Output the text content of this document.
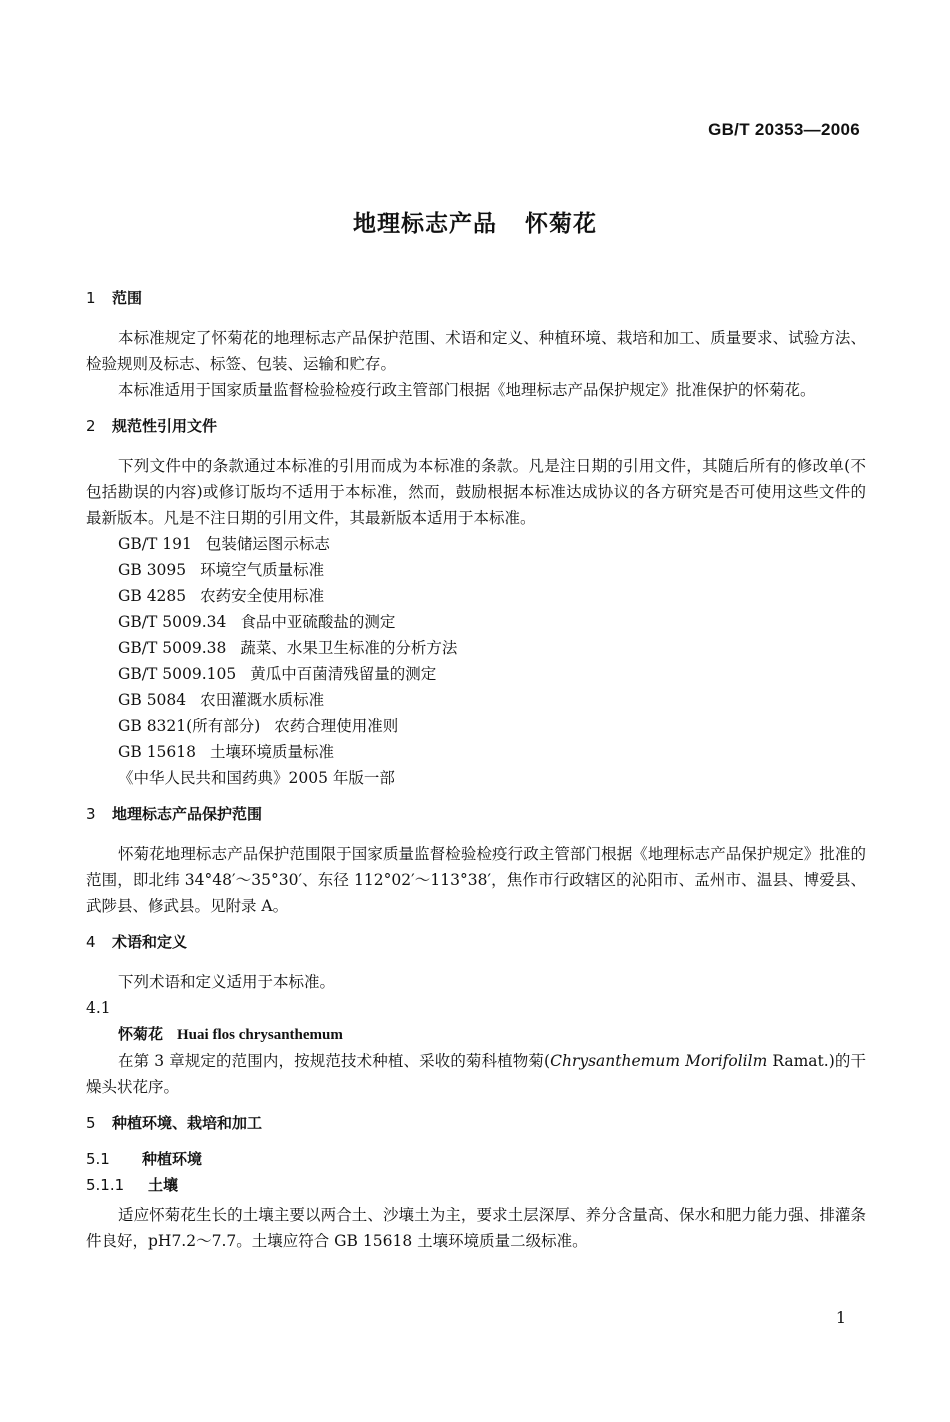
GB/T 20353—2006
地理标志产品 怀菊花
1 范围
本标准规定了怀菊花的地理标志产品保护范围、术语和定义、种植环境、栽培和加工、质量要求、试验方法、检验规则及标志、标签、包装、运输和贮存。
本标准适用于国家质量监督检验检疫行政主管部门根据《地理标志产品保护规定》批准保护的怀菊花。
2 规范性引用文件
下列文件中的条款通过本标准的引用而成为本标准的条款。凡是注日期的引用文件，其随后所有的修改单(不包括勘误的内容)或修订版均不适用于本标准，然而，鼓励根据本标准达成协议的各方研究是否可使用这些文件的最新版本。凡是不注日期的引用文件，其最新版本适用于本标准。
GB/T 191 包装储运图示标志
GB 3095 环境空气质量标准
GB 4285 农药安全使用标准
GB/T 5009.34 食品中亚硫酸盐的测定
GB/T 5009.38 蔬菜、水果卫生标准的分析方法
GB/T 5009.105 黄瓜中百菌清残留量的测定
GB 5084 农田灌溉水质标准
GB 8321(所有部分) 农药合理使用准则
GB 15618 土壤环境质量标准
《中华人民共和国药典》2005 年版一部
3 地理标志产品保护范围
怀菊花地理标志产品保护范围限于国家质量监督检验检疫行政主管部门根据《地理标志产品保护规定》批准的范围，即北纬 34°48′～35°30′、东径 112°02′～113°38′，焦作市行政辖区的沁阳市、孟州市、温县、博爱县、武陟县、修武县。见附录 A。
4 术语和定义
下列术语和定义适用于本标准。
4.1
怀菊花 Huai flos chrysanthemum
在第 3 章规定的范围内，按规范技术种植、采收的菊科植物菊(Chrysanthemum Morifolilm Ramat.)的干燥头状花序。
5 种植环境、栽培和加工
5.1 种植环境
5.1.1 土壤
适应怀菊花生长的土壤主要以两合土、沙壤土为主，要求土层深厚、养分含量高、保水和肥力能力强、排灌条件良好，pH7.2～7.7。土壤应符合 GB 15618 土壤环境质量二级标准。
1
